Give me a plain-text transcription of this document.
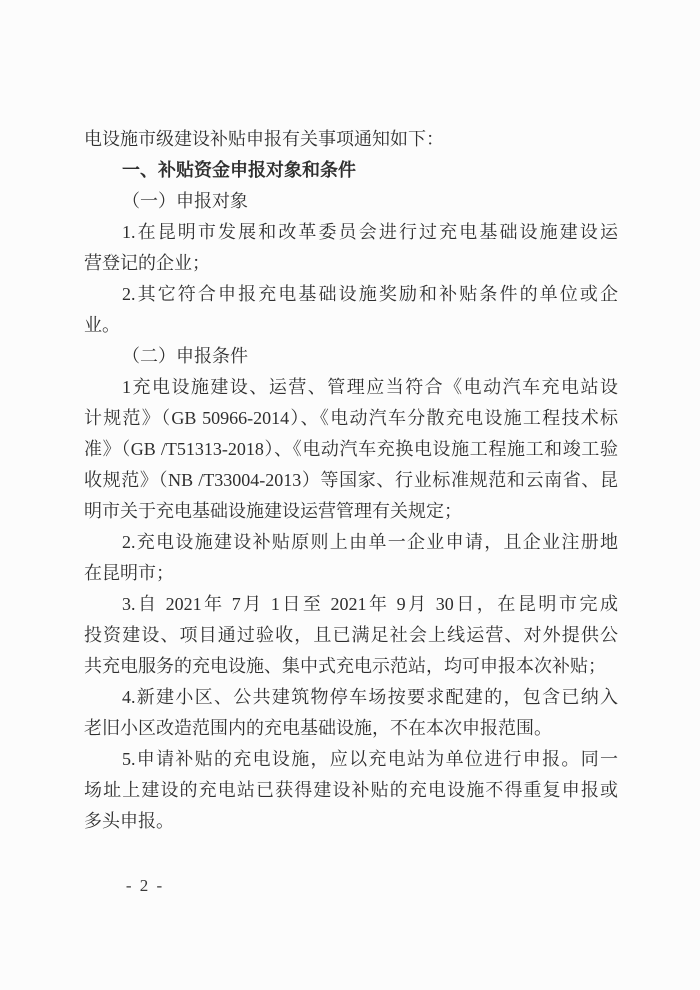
电设施市级建设补贴申报有关事项通知如下：
一、补贴资金申报对象和条件
（一）申报对象
1.在昆明市发展和改革委员会进行过充电基础设施建设运
营登记的企业；
2.其它符合申报充电基础设施奖励和补贴条件的单位或企
业。
（二）申报条件
1充电设施建设、运营、管理应当符合《电动汽车充电站设
计规范》（GB 50966-2014）、《电动汽车分散充电设施工程技术标
准》（GB /T51313-2018）、《电动汽车充换电设施工程施工和竣工验
收规范》（NB /T33004-2013）等国家、行业标准规范和云南省、昆
明市关于充电基础设施建设运营管理有关规定；
2.充电设施建设补贴原则上由单一企业申请，且企业注册地
在昆明市；
3.自 2021年 7月 1日至 2021年 9月 30日，在昆明市完成
投资建设、项目通过验收，且已满足社会上线运营、对外提供公
共充电服务的充电设施、集中式充电示范站，均可申报本次补贴；
4.新建小区、公共建筑物停车场按要求配建的，包含已纳入
老旧小区改造范围内的充电基础设施，不在本次申报范围。
5.申请补贴的充电设施，应以充电站为单位进行申报。同一
场址上建设的充电站已获得建设补贴的充电设施不得重复申报或
多头申报。
- 2 -
